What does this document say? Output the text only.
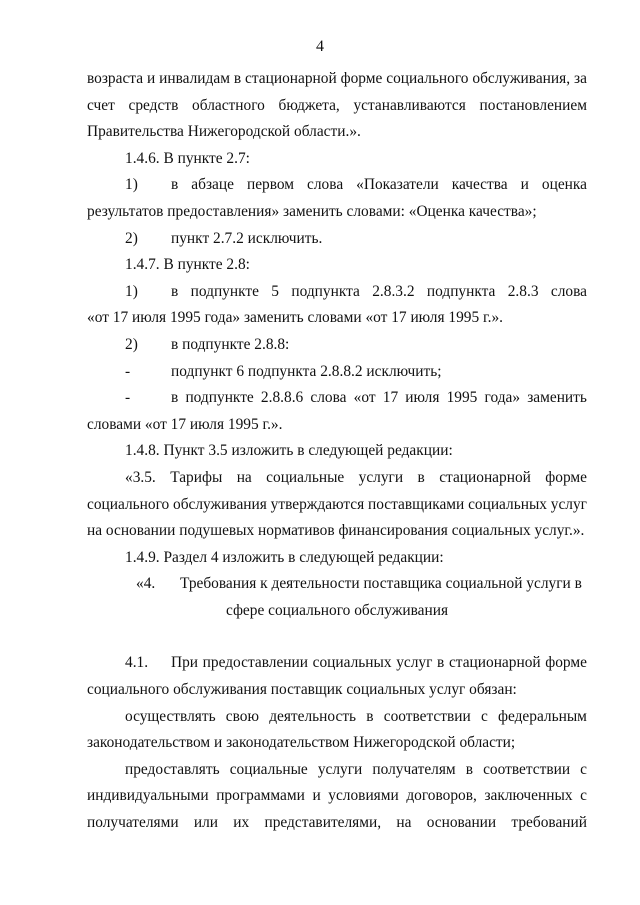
4
возраста и инвалидам в стационарной форме социального обслуживания, за
счет средств областного бюджета, устанавливаются постановлением
Правительства Нижегородской области.».
1.4.6. В пункте 2.7:
1)	в абзаце первом слова «Показатели качества и оценка
результатов предоставления» заменить словами: «Оценка качества»;
2)	пункт 2.7.2 исключить.
1.4.7. В пункте 2.8:
1)	в подпункте 5 подпункта 2.8.3.2 подпункта 2.8.3 слова
«от 17 июля 1995 года» заменить словами «от 17 июля 1995 г.».
2)	в подпункте 2.8.8:
-	подпункт 6 подпункта 2.8.8.2 исключить;
-	в подпункте 2.8.8.6 слова «от 17 июля 1995 года» заменить
словами «от 17 июля 1995 г.».
1.4.8. Пункт 3.5 изложить в следующей редакции:
«3.5. Тарифы на социальные услуги в стационарной форме
социального обслуживания утверждаются поставщиками социальных услуг
на основании подушевых нормативов финансирования социальных услуг.».
1.4.9. Раздел 4 изложить в следующей редакции:
«4.	Требования к деятельности поставщика социальной услуги в
сфере социального обслуживания
4.1.	При предоставлении социальных услуг в стационарной форме
социального обслуживания поставщик социальных услуг обязан:
осуществлять свою деятельность в соответствии с федеральным
законодательством и законодательством Нижегородской области;
предоставлять социальные услуги получателям в соответствии с
индивидуальными программами и условиями договоров, заключенных с
получателями или их представителями, на основании требований
